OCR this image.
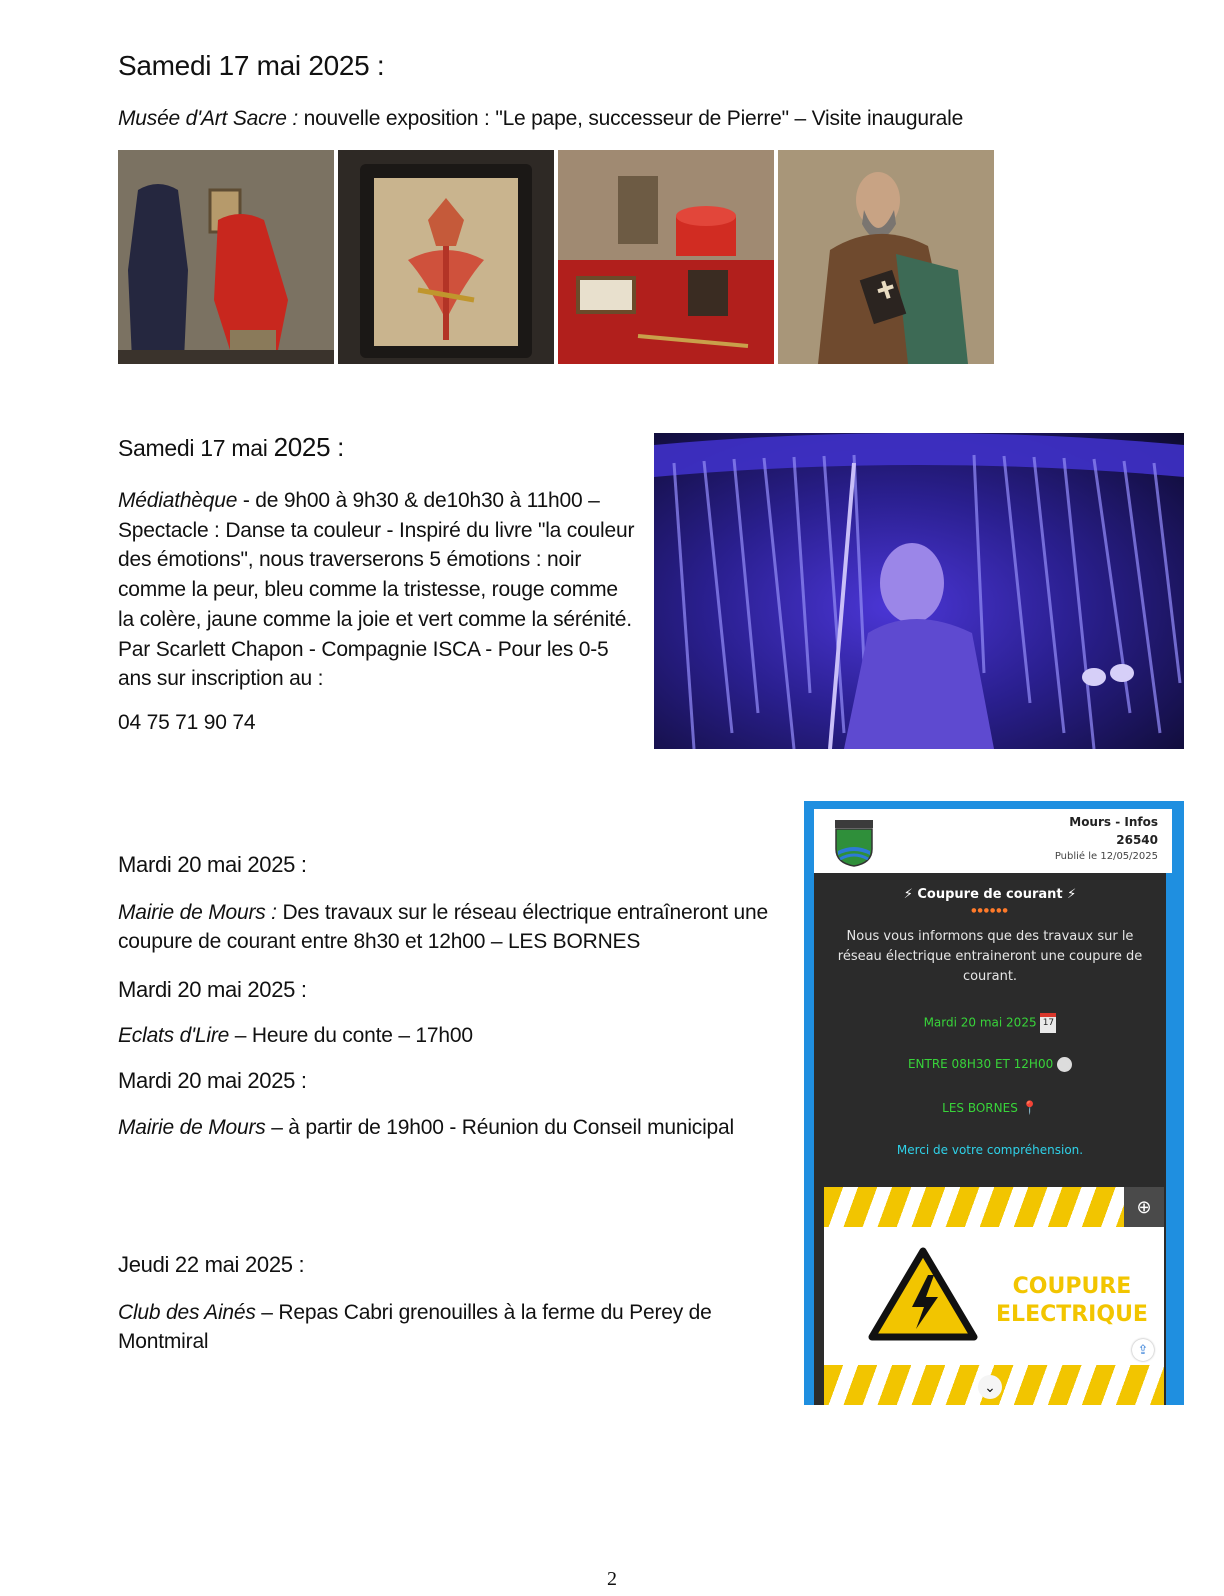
Samedi 17 mai 2025 :
Musée d'Art Sacre : nouvelle exposition : "Le pape, successeur de Pierre" – Visite inaugurale
Samedi 17 mai 2025 :
Médiathèque - de 9h00 à 9h30 & de10h30 à 11h00 – Spectacle : Danse ta couleur - Inspiré du livre "la couleur des émotions", nous traverserons 5 émotions : noir comme la peur, bleu comme la tristesse, rouge comme la colère, jaune comme la joie et vert comme la sérénité. Par Scarlett Chapon - Compagnie ISCA - Pour les 0-5 ans sur inscription au :
04 75 71 90 74
Mardi 20 mai 2025 :
Mairie de Mours : Des travaux sur le réseau électrique entraîneront une coupure de courant entre 8h30 et 12h00 – LES BORNES
Mardi 20 mai 2025 :
Eclats d'Lire – Heure du conte – 17h00
Mardi 20 mai 2025 :
Mairie de Mours – à partir de 19h00 - Réunion du Conseil municipal
Jeudi 22 mai 2025 :
Club des Ainés – Repas Cabri grenouilles à la ferme du Perey de Montmiral
Mours - Infos
26540
Publié le 12/05/2025
⚡ Coupure de courant ⚡
●●●●●●
Nous vous informons que des travaux sur le réseau électrique entraineront une coupure de courant.
Mardi 20 mai 2025 17
ENTRE 08H30 ET 12H00
LES BORNES 📍
Merci de votre compréhension.
COUPURE
ELECTRIQUE
⊕
⇪
⌄
2
